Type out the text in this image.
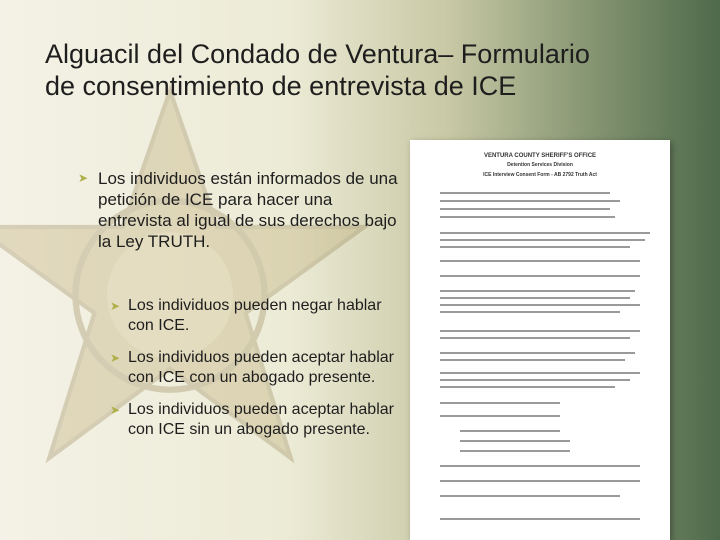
Alguacil del Condado de Ventura– Formulario de consentimiento de entrevista de ICE
➤ Los individuos están informados de una petición de ICE para hacer una entrevista al igual de sus derechos bajo la Ley TRUTH.
➤ Los individuos pueden negar hablar con ICE.
➤ Los individuos pueden aceptar hablar con ICE con un abogado presente.
➤ Los individuos pueden aceptar hablar con ICE sin un abogado presente.
VENTURA COUNTY SHERIFF'S OFFICE
Detention Services Division
ICE Interview Consent Form - AB 2792 Truth Act
